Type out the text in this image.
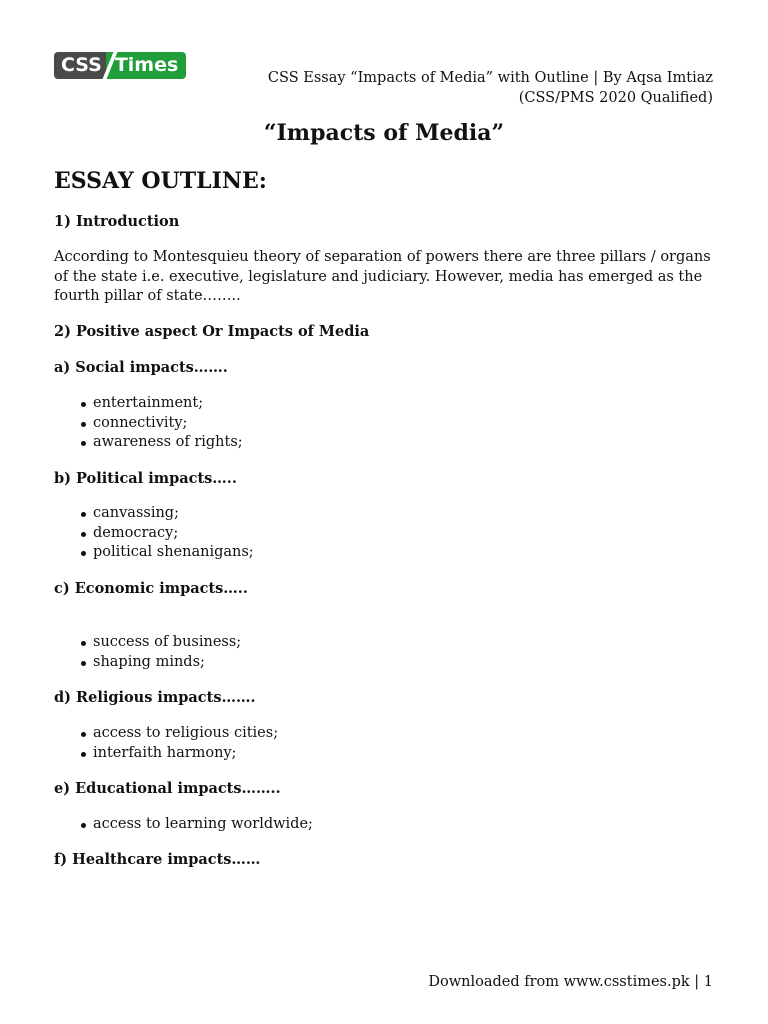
CSS Times
CSS Essay “Impacts of Media” with Outline | By Aqsa Imtiaz
(CSS/PMS 2020 Qualified)
“Impacts of Media”
ESSAY OUTLINE:
1) Introduction
According to Montesquieu theory of separation of powers there are three pillars / organs of the state i.e. executive, legislature and judiciary. However, media has emerged as the fourth pillar of state……..
2) Positive aspect Or Impacts of Media
a) Social impacts…….
entertainment;
connectivity;
awareness of rights;
b) Political impacts…..
canvassing;
democracy;
political shenanigans;
c) Economic impacts…..
success of business;
shaping minds;
d) Religious impacts…….
access to religious cities;
interfaith harmony;
e) Educational impacts……..
access to learning worldwide;
f) Healthcare impacts……
Downloaded from www.csstimes.pk | 1
